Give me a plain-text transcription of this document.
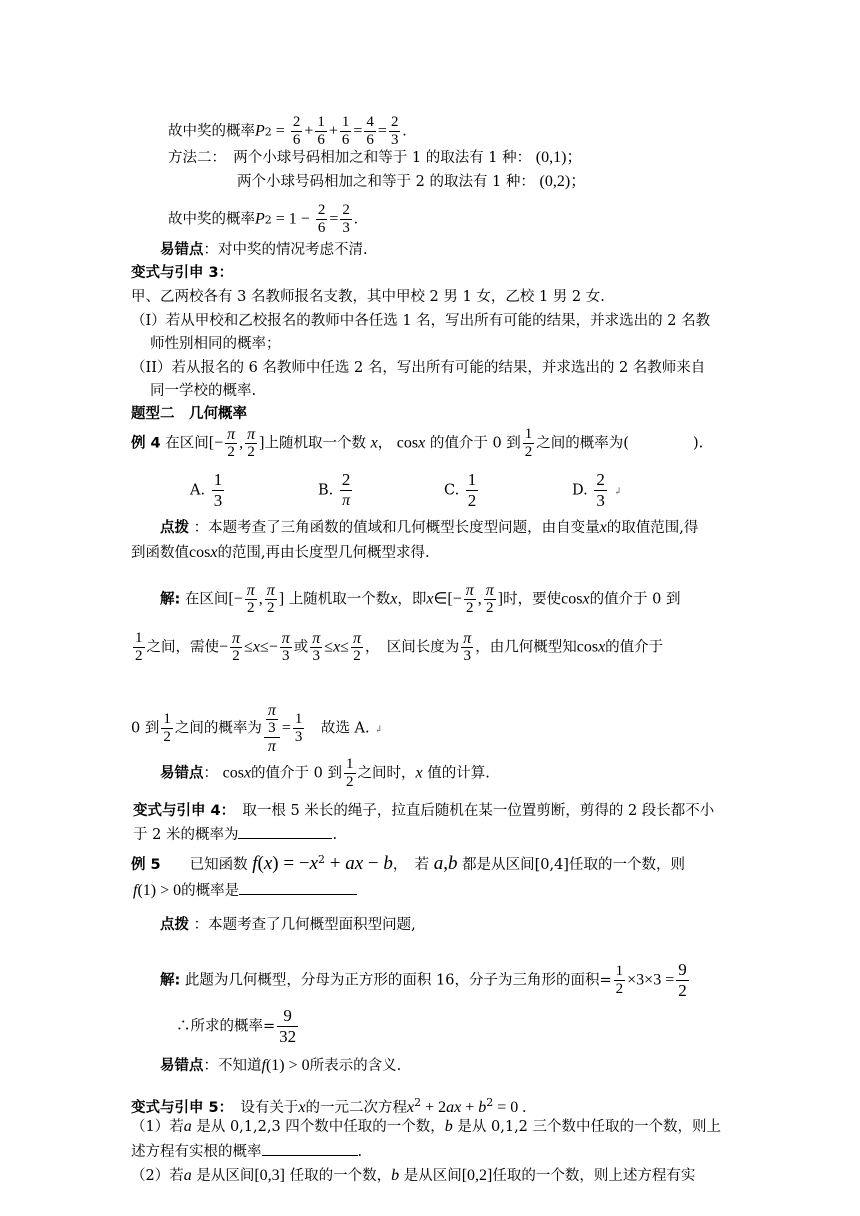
故中奖的概率$P2 = \frac{2}{6} + \frac{1}{6} + \frac{1}{6} = \frac{4}{6} = \frac{2}{3}$ .
方法二：　 两个小球号码相加之和等于 1 的取法有 1 种： (0,1)；
两个小球号码相加之和等于 2 的取法有 1 种： (0,2)；
故中奖的概率$P2 = 1 - \frac{2}{6} = \frac{2}{3}$ .
易错点：对中奖的情况考虑不清.
变式与引申 3：
甲、乙两校各有 3 名教师报名支教，其中甲校 2 男 1 女，乙校 1 男 2 女.
（I）若从甲校和乙校报名的教师中各任选 1 名，写出所有可能的结果，并求选出的 2 名教
师性别相同的概率；
（II）若从报名的 6 名教师中任选 2 名，写出所有可能的结果，并求选出的 2 名教师来自
同一学校的概率.
题型二　几何概率
例 4 在区间[− $\frac{\pi}{2}$ , $\frac{\pi}{2}$ ]上随机取一个数 x， cosx 的值介于 0 到 $\frac{1}{2}$ 之间的概率为(	).
A. $\frac{1}{3}$	B. $\frac{2}{\pi}$	C. $\frac{1}{2}$	D. $\frac{2}{3}$ ↲
点拨 ：本题考查了三角函数的值域和几何概型长度型问题，由自变量x的取值范围,得
到函数值cosx的范围,再由长度型几何概型求得.
解: 在区间[− $\frac{\pi}{2}$ , $\frac{\pi}{2}$ ] 上随机取一个数x，即x∈[− $\frac{\pi}{2}$ , $\frac{\pi}{2}$ ]时，要使cosx的值介于 0 到
$\frac{1}{2}$ 之间，需使− $\frac{\pi}{2} \le x\le- \frac{\pi}{3}$ 或 $\frac{\pi}{3} \le x\le \frac{\pi}{2}$ ，　区间长度为 $\frac{\pi}{3}$ ，由几何概型知cosx的值介于
0 到 $\frac{1}{2}$ 之间的概率为 $\frac{\frac{\pi}{3}}{\pi} = \frac{1}{3}$
　 故选 A. ↲
易错点： cosx的值介于 0 到 $\frac{1}{2}$ 之间时，x 值的计算.
变式与引申 4：　 取一根 5 米长的绳子，拉直后随机在某一位置剪断，剪得的 2 段长都不小
于 2 米的概率为	.
例 5　　 已知函数 $f(x) = -x^2$ + ax − b，　若 a,b 都是从区间[0,4]任取的一个数，则
f(1) > 0的概率是
点拨 ：本题考查了几何概型面积型问题,
解: 此题为几何概型，分母为正方形的面积 16，分子为三角形的面积= $\frac{1}{2} \times 3\times 3 = \frac{9}{2}$
∴所求的概率= $\frac{9}{32}$
易错点：不知道f(1) > 0所表示的含义.
变式与引申 5：　 设有关于x的一元二次方程$x^2 + 2ax + b^2 = 0$ .
（1）若a 是从 0,1,2,3 四个数中任取的一个数，b 是从 0,1,2 三个数中任取的一个数，则上
述方程有实根的概率	.
（2）若a 是从区间[0,3] 任取的一个数，b 是从区间[0,2]任取的一个数，则上述方程有实
